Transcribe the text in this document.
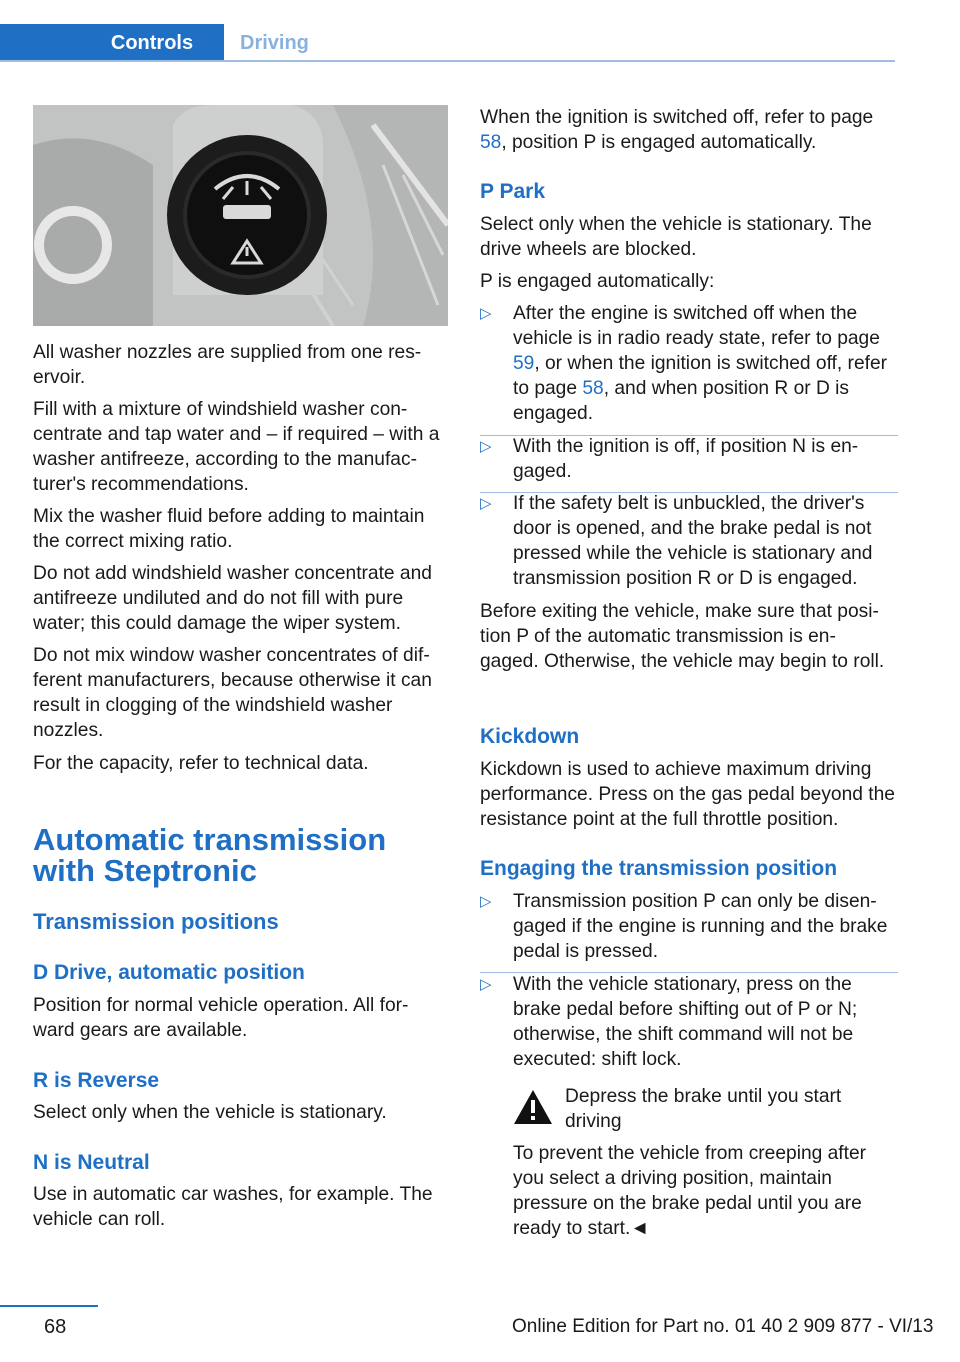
Controls	Driving

All washer nozzles are supplied from one res‐ ervoir.

Fill with a mixture of windshield washer con‐ centrate and tap water and – if required – with a washer antifreeze, according to the manufac‐ turer's recommendations.

Mix the washer fluid before adding to maintain the correct mixing ratio.

Do not add windshield washer concentrate and antifreeze undiluted and do not fill with pure water; this could damage the wiper system.

Do not mix window washer concentrates of dif‐ ferent manufacturers, because otherwise it can result in clogging of the windshield washer nozzles.

For the capacity, refer to technical data.

Automatic transmission with Steptronic
Transmission positions
D Drive, automatic position

Position for normal vehicle operation. All for‐ ward gears are available.

R is Reverse

Select only when the vehicle is stationary.

N is Neutral

Use in automatic car washes, for example. The vehicle can roll.

When the ignition is switched off, refer to page 58, position P is engaged automatically.

P Park

Select only when the vehicle is stationary. The drive wheels are blocked.

P is engaged automatically:

▷ After the engine is switched off when the vehicle is in radio ready state, refer to page 59, or when the ignition is switched off, refer to page 58, and when position R or D is engaged.
▷ With the ignition is off, if position N is en‐ gaged.
▷ If the safety belt is unbuckled, the driver's door is opened, and the brake pedal is not pressed while the vehicle is stationary and transmission position R or D is engaged.

Before exiting the vehicle, make sure that posi‐ tion P of the automatic transmission is en‐ gaged. Otherwise, the vehicle may begin to roll.

Kickdown

Kickdown is used to achieve maximum driving performance. Press on the gas pedal beyond the resistance point at the full throttle position.

Engaging the transmission position
▷ Transmission position P can only be disen‐ gaged if the engine is running and the brake pedal is pressed.
▷ With the vehicle stationary, press on the brake pedal before shifting out of P or N; otherwise, the shift command will not be executed: shift lock.

Depress the brake until you start driving

To prevent the vehicle from creeping after you select a driving position, maintain pressure on the brake pedal until you are ready to start.◄

68	Online Edition for Part no. 01 40 2 909 877 - VI/13
